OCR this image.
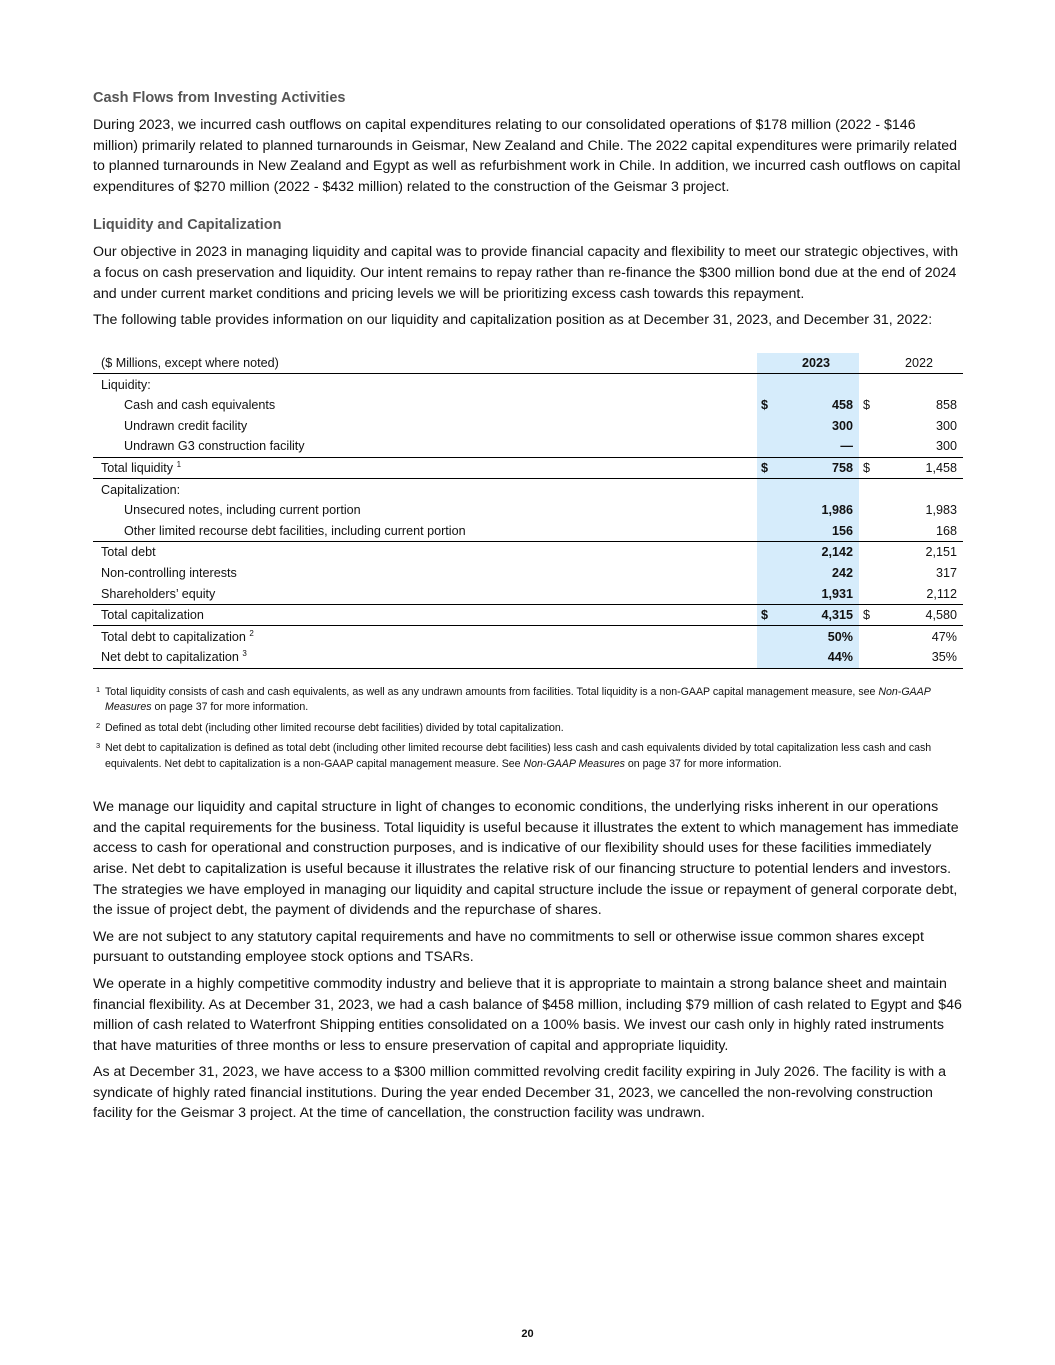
Cash Flows from Investing Activities

During 2023, we incurred cash outflows on capital expenditures relating to our consolidated operations of $178 million (2022 - $146 million) primarily related to planned turnarounds in Geismar, New Zealand and Chile. The 2022 capital expenditures were primarily related to planned turnarounds in New Zealand and Egypt as well as refurbishment work in Chile. In addition, we incurred cash outflows on capital expenditures of $270 million (2022 - $432 million) related to the construction of the Geismar 3 project.

Liquidity and Capitalization

Our objective in 2023 in managing liquidity and capital was to provide financial capacity and flexibility to meet our strategic objectives, with a focus on cash preservation and liquidity. Our intent remains to repay rather than re-finance the $300 million bond due at the end of 2024 and under current market conditions and pricing levels we will be prioritizing excess cash towards this repayment.

The following table provides information on our liquidity and capitalization position as at December 31, 2023, and December 31, 2022:

($ Millions, except where noted)			2023		2022
Liquidity:					
Cash and cash equivalents		$	458	$	858
Undrawn credit facility			300		300
Undrawn G3 construction facility			—		300
Total liquidity $^1$		$	758	$	1,458
Capitalization:					
Unsecured notes, including current portion			1,986		1,983
Other limited recourse debt facilities, including current portion			156		168
Total debt			2,142		2,151
Non-controlling interests			242		317
Shareholders’ equity			1,931		2,112
Total capitalization		$	4,315	$	4,580
Total debt to capitalization $^2$			50%		47%
Net debt to capitalization $^3$			44%		35%
1 Total liquidity consists of cash and cash equivalents, as well as any undrawn amounts from facilities. Total liquidity is a non-GAAP capital management measure, see Non-GAAP Measures on page 37 for more information.
2 Defined as total debt (including other limited recourse debt facilities) divided by total capitalization.
3 Net debt to capitalization is defined as total debt (including other limited recourse debt facilities) less cash and cash equivalents divided by total capitalization less cash and cash equivalents. Net debt to capitalization is a non-GAAP capital management measure. See Non-GAAP Measures on page 37 for more information.

We manage our liquidity and capital structure in light of changes to economic conditions, the underlying risks inherent in our operations and the capital requirements for the business. Total liquidity is useful because it illustrates the extent to which management has immediate access to cash for operational and construction purposes, and is indicative of our flexibility should uses for these facilities immediately arise. Net debt to capitalization is useful because it illustrates the relative risk of our financing structure to potential lenders and investors. The strategies we have employed in managing our liquidity and capital structure include the issue or repayment of general corporate debt, the issue of project debt, the payment of dividends and the repurchase of shares.

We are not subject to any statutory capital requirements and have no commitments to sell or otherwise issue common shares except pursuant to outstanding employee stock options and TSARs.

We operate in a highly competitive commodity industry and believe that it is appropriate to maintain a strong balance sheet and maintain financial flexibility. As at December 31, 2023, we had a cash balance of $458 million, including $79 million of cash related to Egypt and $46 million of cash related to Waterfront Shipping entities consolidated on a 100% basis. We invest our cash only in highly rated instruments that have maturities of three months or less to ensure preservation of capital and appropriate liquidity.

As at December 31, 2023, we have access to a $300 million committed revolving credit facility expiring in July 2026. The facility is with a syndicate of highly rated financial institutions. During the year ended December 31, 2023, we cancelled the non-revolving construction facility for the Geismar 3 project. At the time of cancellation, the construction facility was undrawn.

20
